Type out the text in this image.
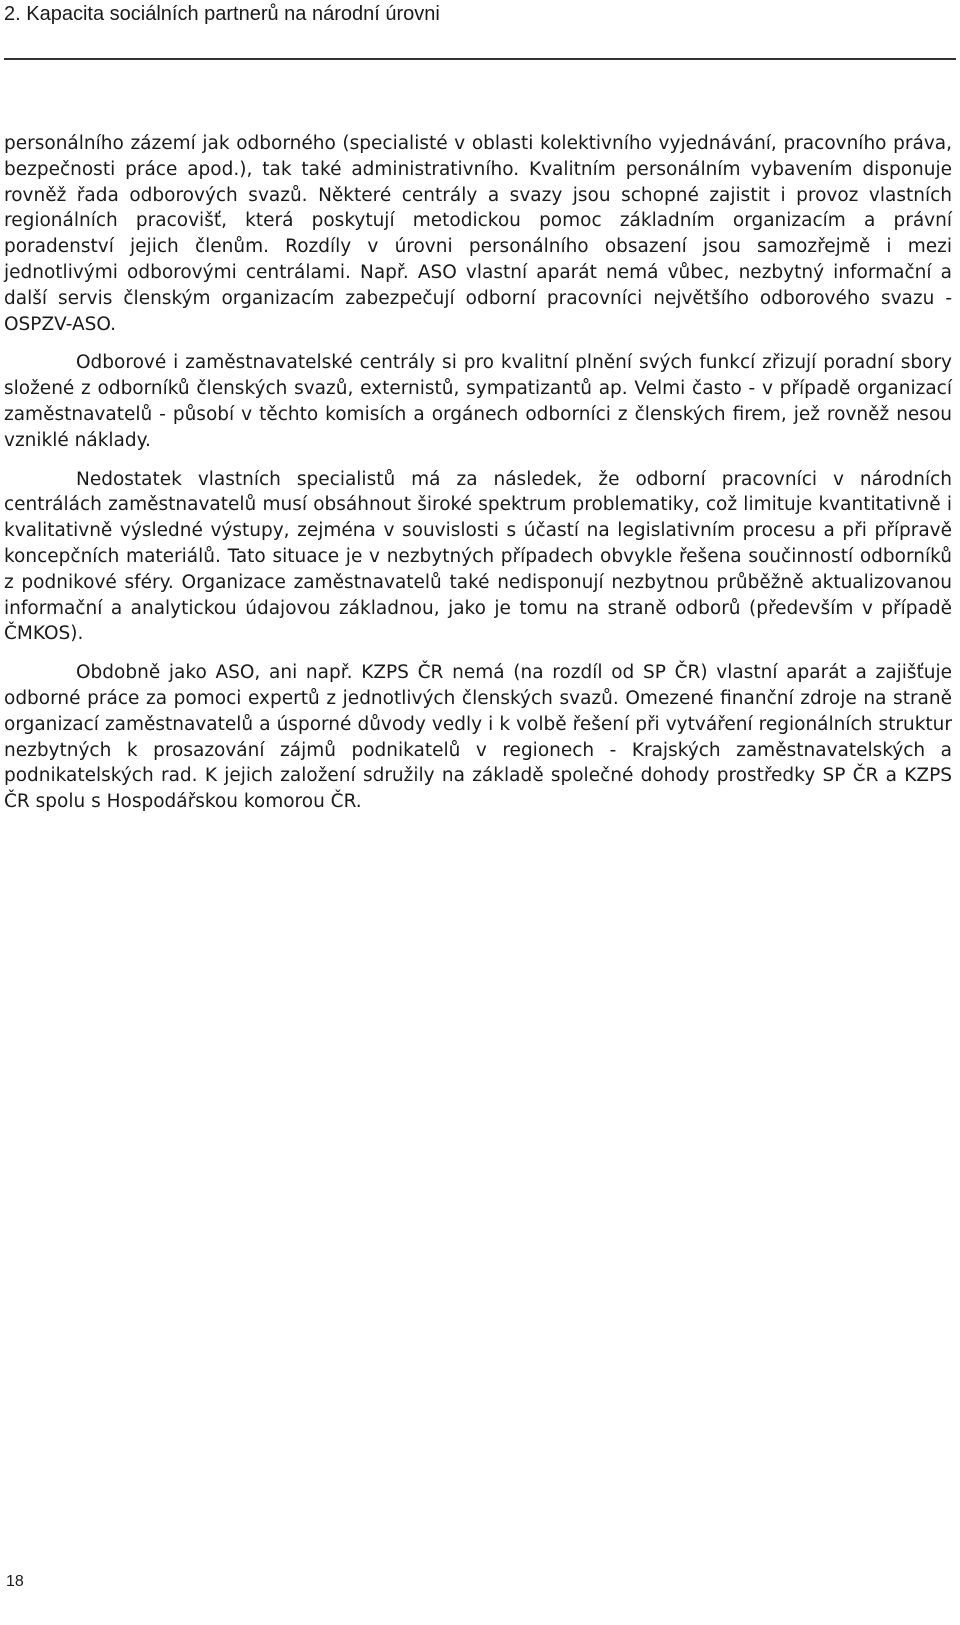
2. Kapacita sociálních partnerů na národní úrovni

personálního zázemí jak odborného (specialisté v oblasti kolektivního vyjednávání, pracovního práva, bezpečnosti práce apod.), tak také administrativního. Kvalitním personálním vybavením disponuje rovněž řada odborových svazů. Některé centrály a svazy jsou schopné zajistit i provoz vlastních regionálních pracovišť, která poskytují metodickou pomoc základním organizacím a právní poradenství jejich členům. Rozdíly v úrovni personálního obsazení jsou samozřejmě i mezi jednotlivými odborovými centrálami. Např. ASO vlastní aparát nemá vůbec, nezbytný informační a další servis členským organizacím zabezpečují odborní pracovníci největšího odborového svazu - OSPZV-ASO.

Odborové i zaměstnavatelské centrály si pro kvalitní plnění svých funkcí zřizují poradní sbory složené z odborníků členských svazů, externistů, sympatizantů ap. Velmi často - v případě organizací zaměstnavatelů - působí v těchto komisích a orgánech odborníci z členských firem, jež rovněž nesou vzniklé náklady.

Nedostatek vlastních specialistů má za následek, že odborní pracovníci v národních centrálách zaměstnavatelů musí obsáhnout široké spektrum problematiky, což limituje kvantitativně i kvalitativně výsledné výstupy, zejména v souvislosti s účastí na legislativním procesu a při přípravě koncepčních materiálů. Tato situace je v nezbytných případech obvykle řešena součinností odborníků z podnikové sféry. Organizace zaměstnavatelů také nedisponují nezbytnou průběžně aktualizovanou informační a analytickou údajovou základnou, jako je tomu na straně odborů (především v případě ČMKOS).

Obdobně jako ASO, ani např. KZPS ČR nemá (na rozdíl od SP ČR) vlastní aparát a zajišťuje odborné práce za pomoci expertů z jednotlivých členských svazů. Omezené finanční zdroje na straně organizací zaměstnavatelů a úsporné důvody vedly i k volbě řešení při vytváření regionálních struktur nezbytných k prosazování zájmů podnikatelů v regionech - Krajských zaměstnavatelských a podnikatelských rad. K jejich založení sdružily na základě společné dohody prostředky SP ČR a KZPS ČR spolu s Hospodářskou komorou ČR.

18
